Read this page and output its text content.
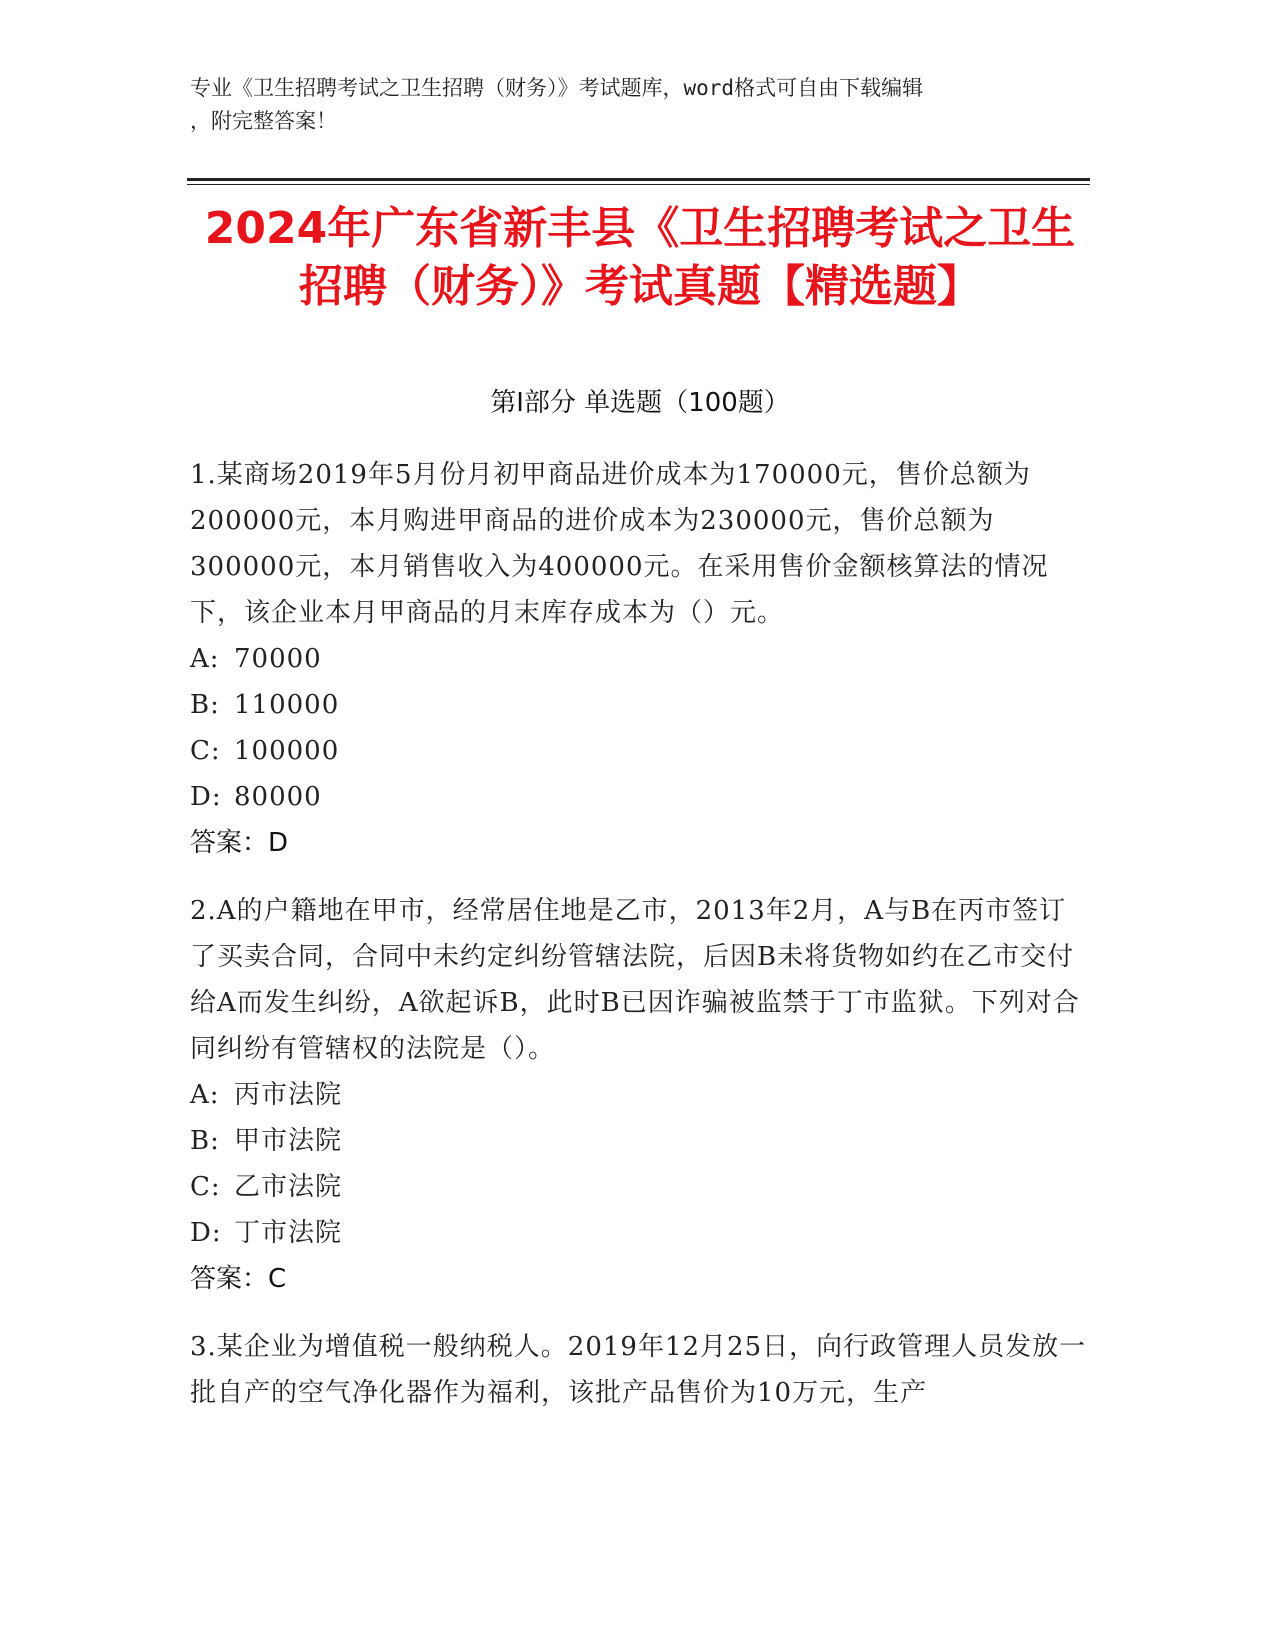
专业《卫生招聘考试之卫生招聘（财务）》考试题库，word格式可自由下载编辑
，附完整答案！
2024年广东省新丰县《卫生招聘考试之卫生
招聘（财务）》考试真题【精选题】
第Ⅰ部分 单选题（100题）

1.某商场2019年5月份月初甲商品进价成本为170000元，售价总额为200000元，本月购进甲商品的进价成本为230000元，售价总额为300000元，本月销售收入为400000元。在采用售价金额核算法的情况下，该企业本月甲商品的月末库存成本为（）元。

A: 70000

B: 110000

C: 100000

D: 80000

答案：D

2.A的户籍地在甲市，经常居住地是乙市，2013年2月，A与B在丙市签订了买卖合同，合同中未约定纠纷管辖法院，后因B未将货物如约在乙市交付给A而发生纠纷，A欲起诉B，此时B已因诈骗被监禁于丁市监狱。下列对合同纠纷有管辖权的法院是（）。

A: 丙市法院

B: 甲市法院

C: 乙市法院

D: 丁市法院

答案：C

3.某企业为增值税一般纳税人。2019年12月25日，向行政管理人员发放一批自产的空气净化器作为福利，该批产品售价为10万元，生产
